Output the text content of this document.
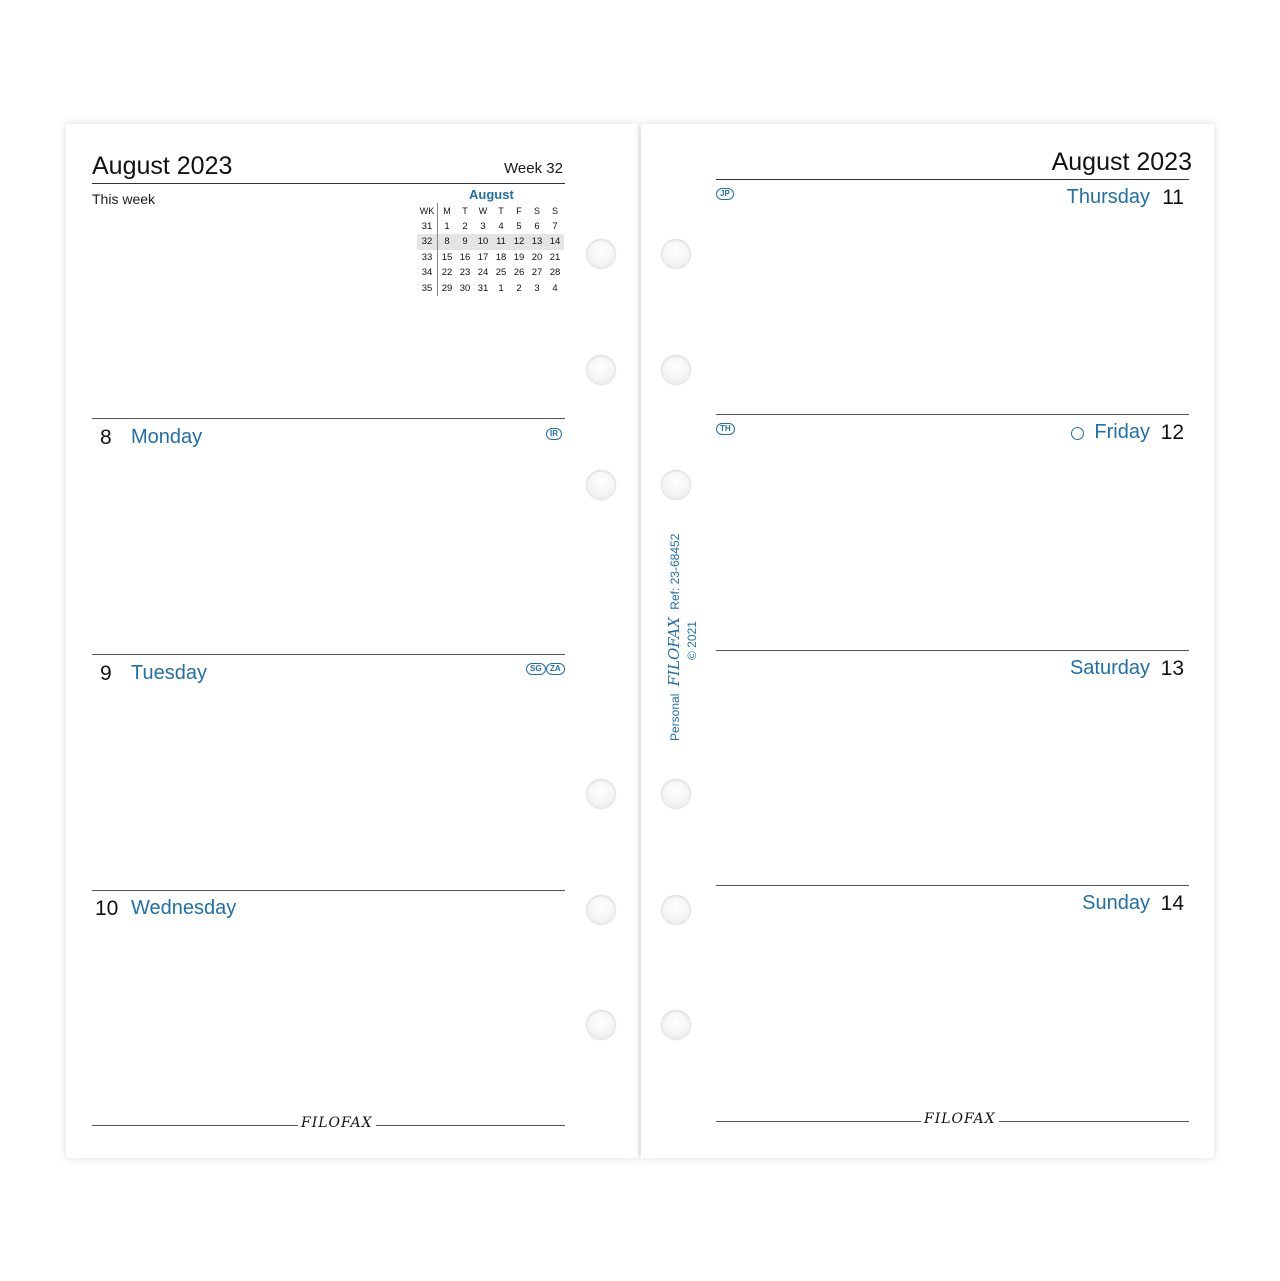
August 2023	Week 32
This week	August
WK	M	T	W	T	F	S	S
31	1	2	3	4	5	6	7
32	8	9	10	11	12	13	14
33	15	16	17	18	19	20	21
34	22	23	24	25	26	27	28
35	29	30	31	1	2	3	4
8 Monday	IR
9 Tuesday	SG	ZA
10 Wednesday
FILOFAX
August 2023
JP	Thursday 11
TH	Friday 12
Saturday 13
Sunday 14
FILOFAX
Personal FILOFAX Ref: 23-68452
© 2021
